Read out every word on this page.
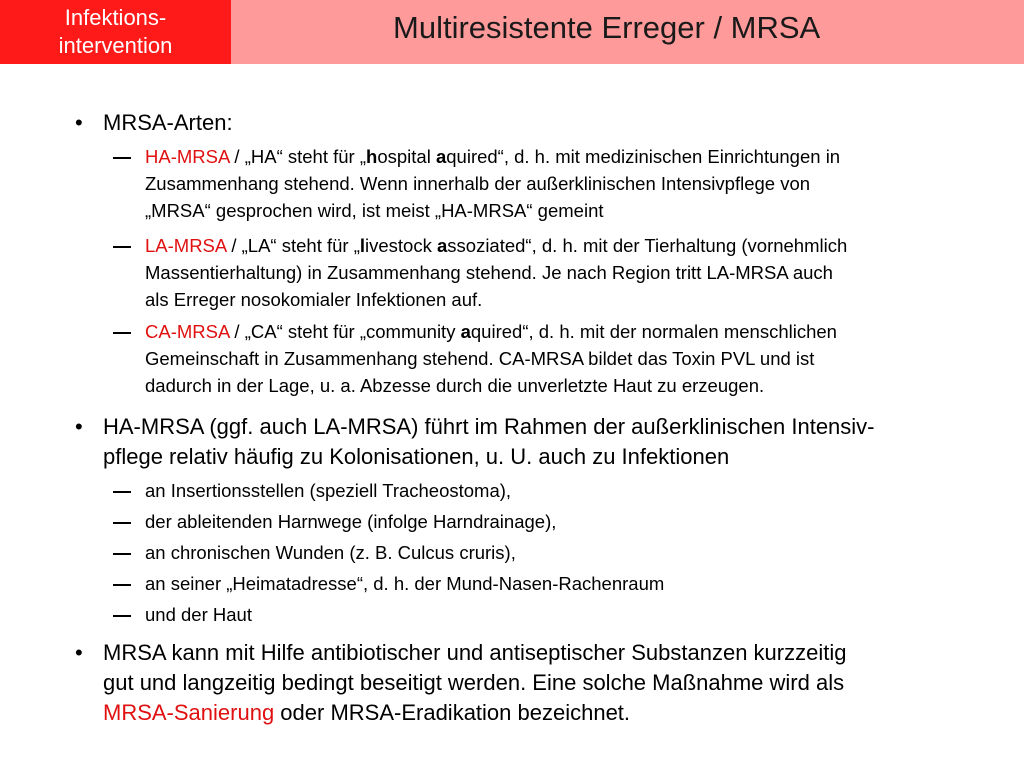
Infektions-
intervention
Multiresistente Erreger / MRSA
• MRSA-Arten:
HA-MRSA / „HA“ steht für „hospital aquired“, d. h. mit medizinischen Einrichtungen in
Zusammenhang stehend. Wenn innerhalb der außerklinischen Intensivpflege von
„MRSA“ gesprochen wird, ist meist „HA-MRSA“ gemeint
LA-MRSA / „LA“ steht für „livestock assoziated“, d. h. mit der Tierhaltung (vornehmlich
Massentierhaltung) in Zusammenhang stehend. Je nach Region tritt LA-MRSA auch
als Erreger nosokomialer Infektionen auf.
CA-MRSA / „CA“ steht für „community aquired“, d. h. mit der normalen menschlichen
Gemeinschaft in Zusammenhang stehend. CA-MRSA bildet das Toxin PVL und ist
dadurch in der Lage, u. a. Abzesse durch die unverletzte Haut zu erzeugen.
• HA-MRSA (ggf. auch LA-MRSA) führt im Rahmen der außerklinischen Intensiv-
pflege relativ häufig zu Kolonisationen, u. U. auch zu Infektionen
an Insertionsstellen (speziell Tracheostoma),
der ableitenden Harnwege (infolge Harndrainage),
an chronischen Wunden (z. B. Culcus cruris),
an seiner „Heimatadresse“, d. h. der Mund-Nasen-Rachenraum
und der Haut
• MRSA kann mit Hilfe antibiotischer und antiseptischer Substanzen kurzzeitig
gut und langzeitig bedingt beseitigt werden. Eine solche Maßnahme wird als
MRSA-Sanierung oder MRSA-Eradikation bezeichnet.
